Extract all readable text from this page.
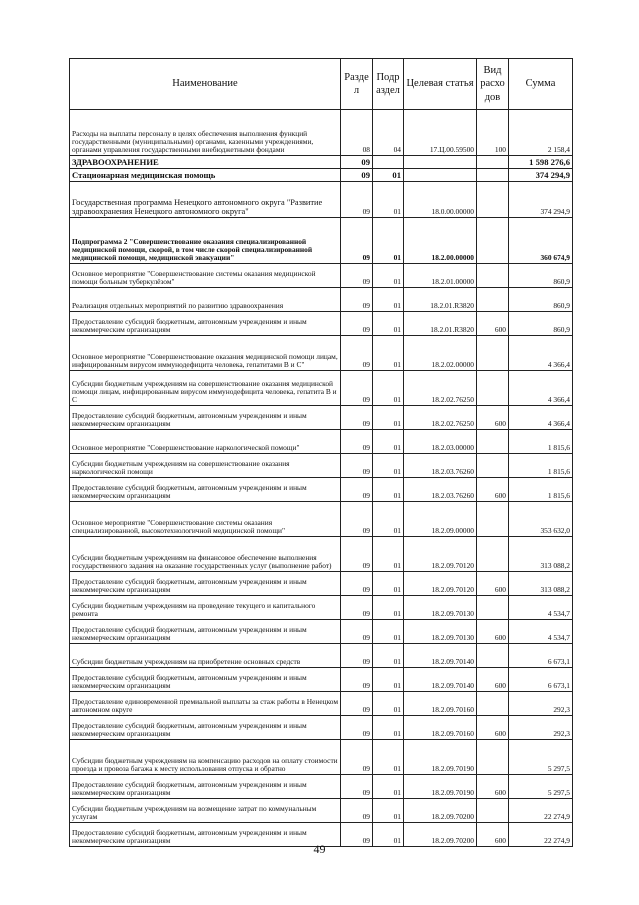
Наименование	Разде л	Подр аздел	Целевая статья	Вид расхо дов	Сумма
Расходы на выплаты персоналу в целях обеспечения выполнения функций государственными (муниципальными) органами, казенными учреждениями, органами управления государственными внебюджетными фондами	08	04	17.Ц.00.59500	100	2 158,4
ЗДРАВООХРАНЕНИЕ	09				1 598 276,6
Стационарная медицинская помощь	09	01			374 294,9
Государственная программа Ненецкого автономного округа "Развитие здравоохранения Ненецкого автономного округа"	09	01	18.0.00.00000		374 294,9
Подпрограмма 2 "Совершенствование оказания специализированной медицинской помощи, скорой, в том числе скорой специализированной медицинской помощи, медицинской эвакуации"	09	01	18.2.00.00000		360 674,9
Основное мероприятие "Совершенствование системы оказания медицинской помощи больным туберкулёзом"	09	01	18.2.01.00000		860,9
Реализация отдельных мероприятий по развитию здравоохранения	09	01	18.2.01.R3820		860,9
Предоставление субсидий бюджетным, автономным учреждениям и иным некоммерческим организациям	09	01	18.2.01.R3820	600	860,9
Основное мероприятие "Совершенствование оказания медицинской помощи лицам, инфицированным вирусом иммунодефицита человека, гепатитами В и С"	09	01	18.2.02.00000		4 366,4
Субсидии бюджетным учреждениям на совершенствование оказания медицинской помощи лицам, инфицированным вирусом иммунодефицита человека, гепатита В и С	09	01	18.2.02.76250		4 366,4
Предоставление субсидий бюджетным, автономным учреждениям и иным некоммерческим организациям	09	01	18.2.02.76250	600	4 366,4
Основное мероприятие "Совершенствование наркологической помощи"	09	01	18.2.03.00000		1 815,6
Субсидии бюджетным учреждениям на совершенствование оказания наркологической помощи	09	01	18.2.03.76260		1 815,6
Предоставление субсидий бюджетным, автономным учреждениям и иным некоммерческим организациям	09	01	18.2.03.76260	600	1 815,6
Основное мероприятие "Совершенствование системы оказания специализированной, высокотехнологичной медицинской помощи"	09	01	18.2.09.00000		353 632,0
Субсидии бюджетным учреждениям на финансовое обеспечение выполнения государственного задания на оказание государственных услуг (выполнение работ)	09	01	18.2.09.70120		313 088,2
Предоставление субсидий бюджетным, автономным учреждениям и иным некоммерческим организациям	09	01	18.2.09.70120	600	313 088,2
Субсидии бюджетным учреждениям на проведение текущего и капитального ремонта	09	01	18.2.09.70130		4 534,7
Предоставление субсидий бюджетным, автономным учреждениям и иным некоммерческим организациям	09	01	18.2.09.70130	600	4 534,7
Субсидии бюджетным учреждениям на приобретение основных средств	09	01	18.2.09.70140		6 673,1
Предоставление субсидий бюджетным, автономным учреждениям и иным некоммерческим организациям	09	01	18.2.09.70140	600	6 673,1
Предоставление единовременной премиальной выплаты за стаж работы в Ненецком автономном округе	09	01	18.2.09.70160		292,3
Предоставление субсидий бюджетным, автономным учреждениям и иным некоммерческим организациям	09	01	18.2.09.70160	600	292,3
Субсидии бюджетным учреждениям на компенсацию расходов на оплату стоимости проезда и провоза багажа к месту использования отпуска и обратно	09	01	18.2.09.70190		5 297,5
Предоставление субсидий бюджетным, автономным учреждениям и иным некоммерческим организациям	09	01	18.2.09.70190	600	5 297,5
Субсидии бюджетным учреждениям на возмещение затрат по коммунальным услугам	09	01	18.2.09.70200		22 274,9
Предоставление субсидий бюджетным, автономным учреждениям и иным некоммерческим организациям	09	01	18.2.09.70200	600	22 274,9
49
